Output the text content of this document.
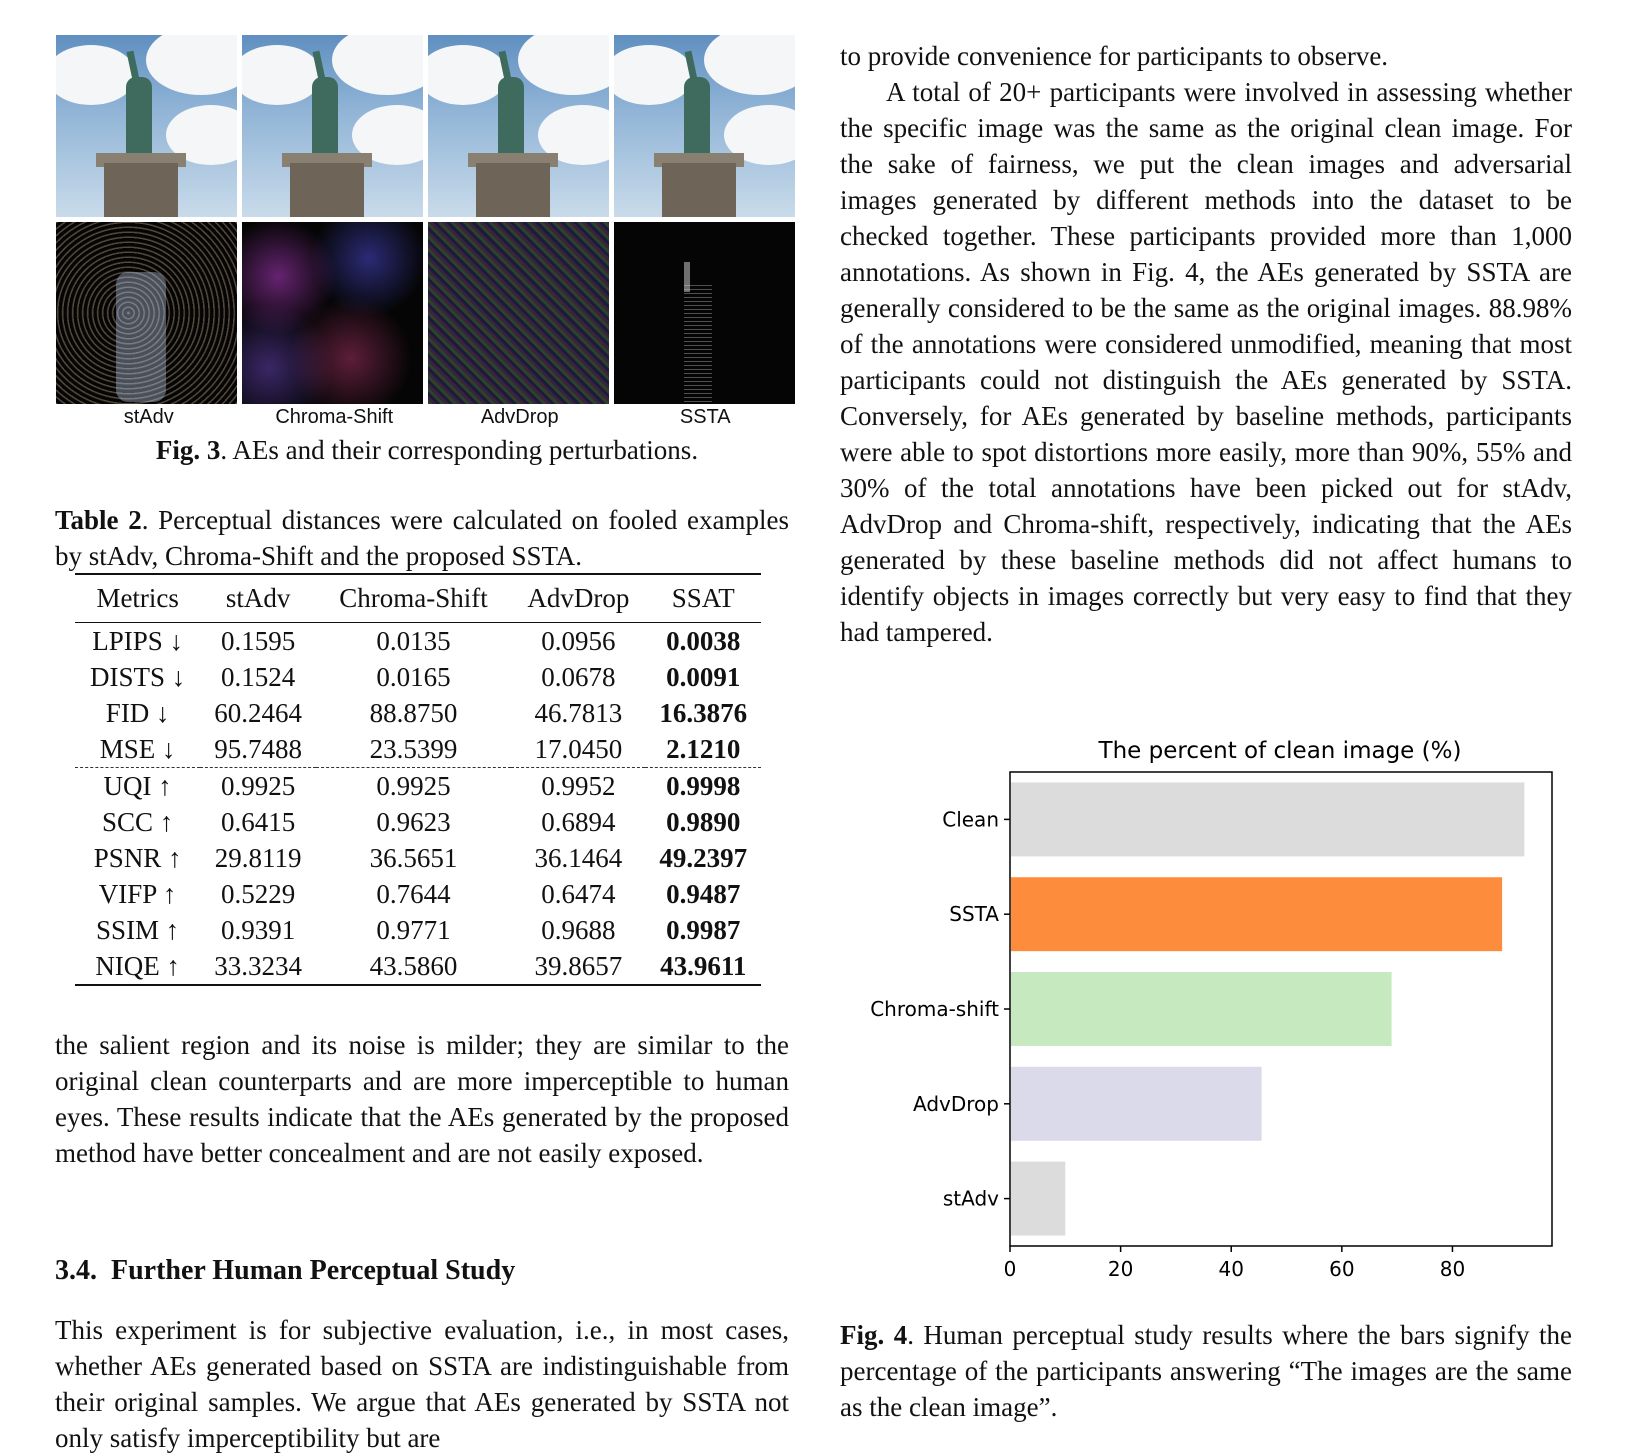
to provide convenience for participants to observe.
A total of 20+ participants were involved in assessing whether the specific image was the same as the original clean image. For the sake of fairness, we put the clean images and adversarial images generated by different methods into the dataset to be checked together. These participants provided more than 1,000 annotations. As shown in Fig. 4, the AEs generated by SSTA are generally considered to be the same as the original images. 88.98% of the annotations were considered unmodified, meaning that most participants could not distinguish the AEs generated by SSTA. Conversely, for AEs generated by baseline methods, participants were able to spot distortions more easily, more than 90%, 55% and 30% of the total annotations have been picked out for stAdv, AdvDrop and Chroma-shift, respectively, indicating that the AEs generated by these baseline methods did not affect humans to identify objects in images correctly but very easy to find that they had tampered.
stAdv	Chroma-Shift	AdvDrop	SSTA
Fig. 3. AEs and their corresponding perturbations.
Table 2. Perceptual distances were calculated on fooled examples by stAdv, Chroma-Shift and the proposed SSTA.
Metrics	stAdv	Chroma-Shift	AdvDrop	SSAT
LPIPS ↓	0.1595	0.0135	0.0956	0.0038
DISTS ↓	0.1524	0.0165	0.0678	0.0091
FID ↓	60.2464	88.8750	46.7813	16.3876
MSE ↓	95.7488	23.5399	17.0450	2.1210
UQI ↑	0.9925	0.9925	0.9952	0.9998
SCC ↑	0.6415	0.9623	0.6894	0.9890
PSNR ↑	29.8119	36.5651	36.1464	49.2397
VIFP ↑	0.5229	0.7644	0.6474	0.9487
SSIM ↑	0.9391	0.9771	0.9688	0.9987
NIQE ↑	33.3234	43.5860	39.8657	43.9611
the salient region and its noise is milder; they are similar to the original clean counterparts and are more imperceptible to human eyes. These results indicate that the AEs generated by the proposed method have better concealment and are not easily exposed.
3.4. Further Human Perceptual Study
This experiment is for subjective evaluation, i.e., in most cases, whether AEs generated based on SSTA are indistinguishable from their original samples. We argue that AEs generated by SSTA not only satisfy imperceptibility but are
The percent of clean image (%)
Clean
SSTA
Chroma-shift
AdvDrop
stAdv
0	20	40	60	80
Fig. 4. Human perceptual study results where the bars signify the percentage of the participants answering “The images are the same as the clean image”.
